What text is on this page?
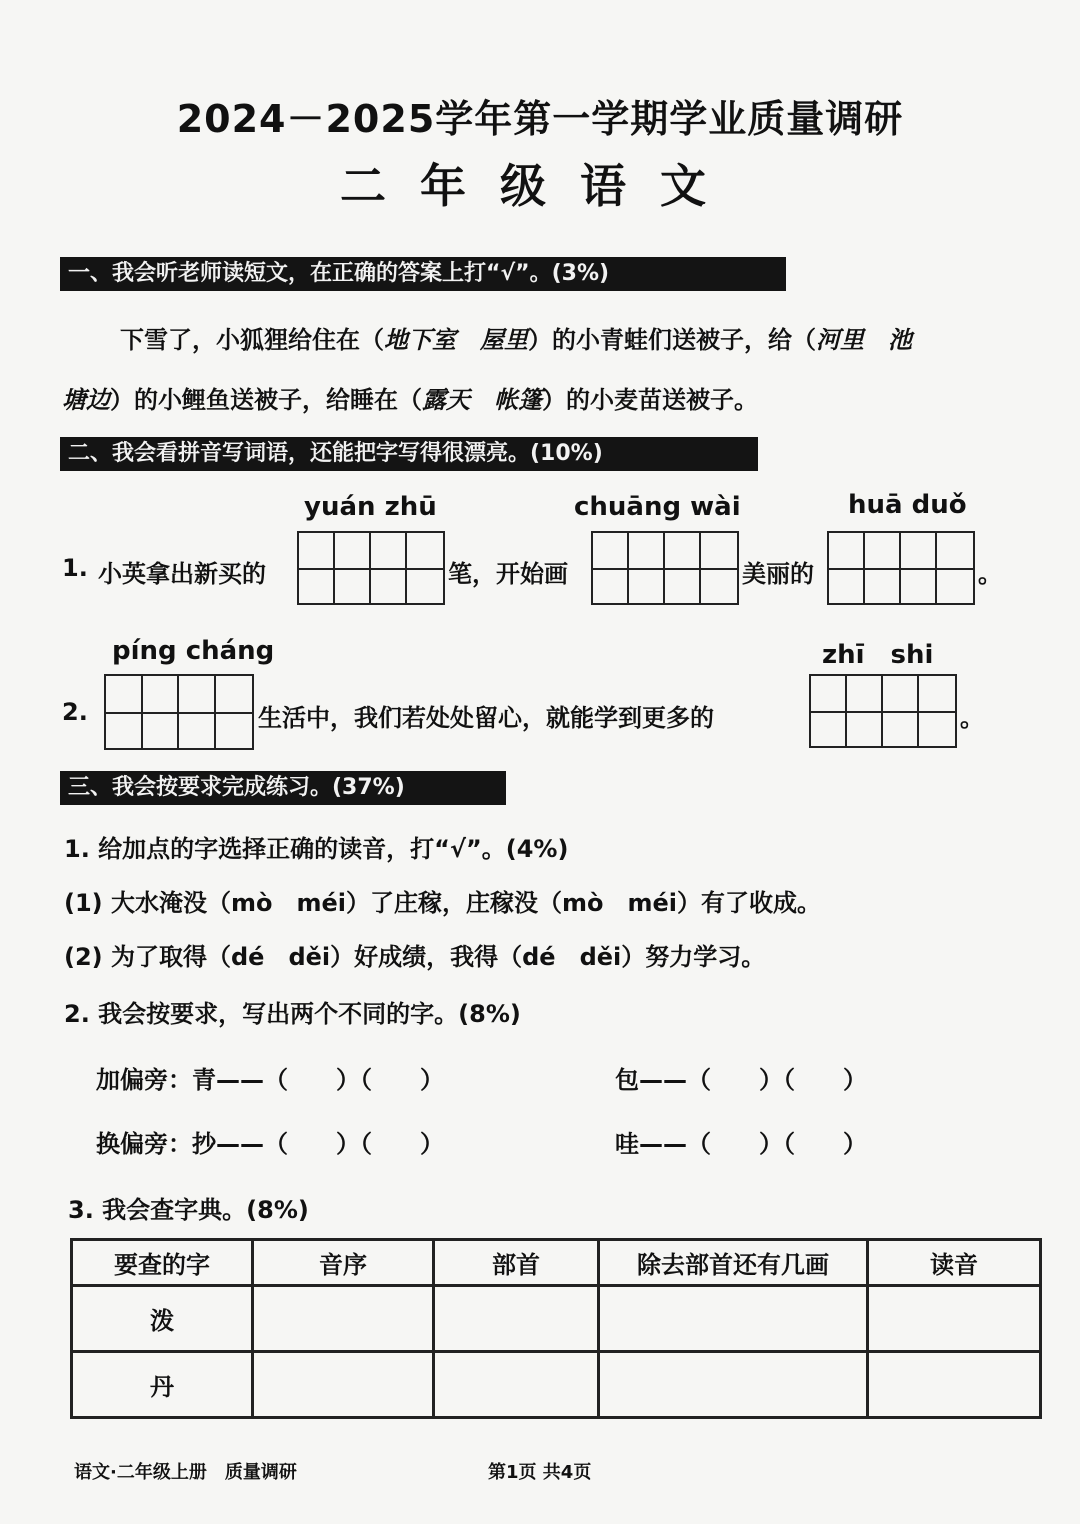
2024－2025学年第一学期学业质量调研
二年级语文
一、我会听老师读短文，在正确的答案上打“√”。(3%)
下雪了，小狐狸给住在（地下室　屋里）的小青蛙们送被子，给（河里　池
塘边）的小鲤鱼送被子，给睡在（露天　帐篷）的小麦苗送被子。
二、我会看拼音写词语，还能把字写得很漂亮。(10%)
yuán zhū	chuāng wài	huā duǒ
1. 小英拿出新买的	笔，开始画	美丽的	。
píng cháng	zhī　shi
2.	生活中，我们若处处留心，就能学到更多的	。
三、我会按要求完成练习。(37%)
1. 给加点的字选择正确的读音，打“√”。(4%)
(1) 大水淹没（mò　méi）了庄稼，庄稼没（mò　méi）有了收成。
(2) 为了取得（dé　děi）好成绩，我得（dé　děi）努力学习。
2. 我会按要求，写出两个不同的字。(8%)
加偏旁：青——（　　）（　　）	包——（　　）（　　）
换偏旁：抄——（　　）（　　）	哇——（　　）（　　）
3. 我会查字典。(8%)
要查的字	音序	部首	除去部首还有几画	读音
泼				
丹				
语文·二年级上册　质量调研	第1页 共4页
